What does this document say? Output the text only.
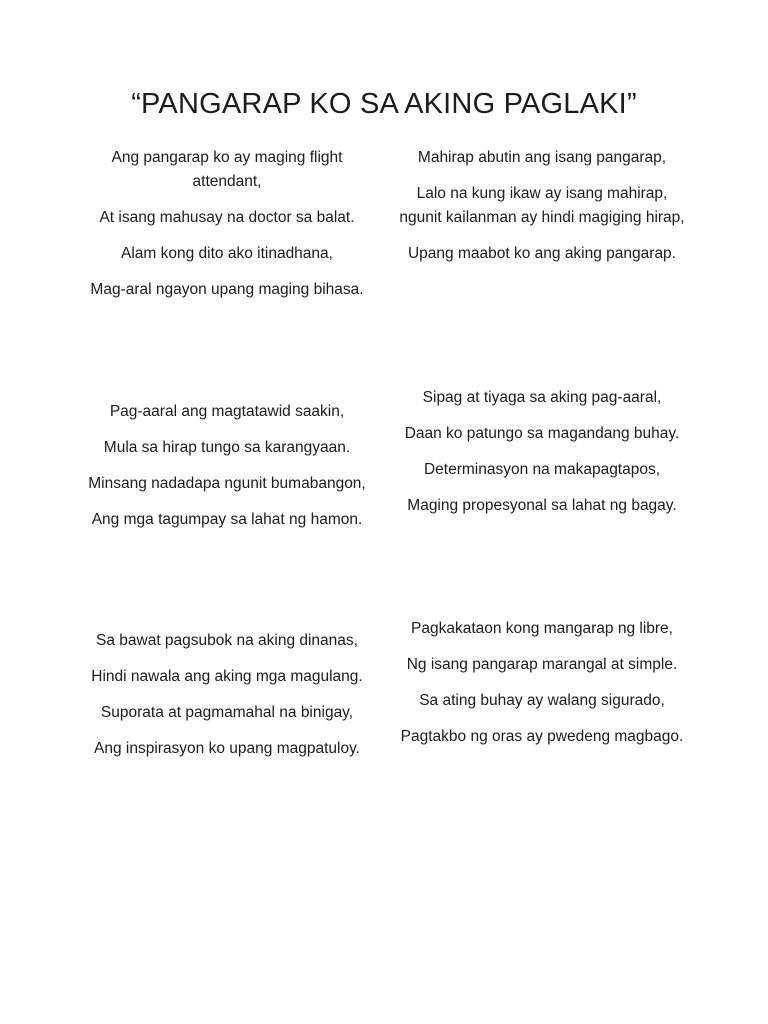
“PANGARAP KO SA AKING PAGLAKI”

Ang pangarap ko ay maging flight attendant,

At isang mahusay na doctor sa balat.

Alam kong dito ako itinadhana,

Mag-aral ngayon upang maging bihasa.

Pag-aaral ang magtatawid saakin,

Mula sa hirap tungo sa karangyaan.

Minsang nadadapa ngunit bumabangon,

Ang mga tagumpay sa lahat ng hamon.

Sa bawat pagsubok na aking dinanas,

Hindi nawala ang aking mga magulang.

Suporata at pagmamahal na binigay,

Ang inspirasyon ko upang magpatuloy.

Mahirap abutin ang isang pangarap,

Lalo na kung ikaw ay isang mahirap, ngunit kailanman ay hindi magiging hirap,

Upang maabot ko ang aking pangarap.

Sipag at tiyaga sa aking pag-aaral,

Daan ko patungo sa magandang buhay.

Determinasyon na makapagtapos,

Maging propesyonal sa lahat ng bagay.

Pagkakataon kong mangarap ng libre,

Ng isang pangarap marangal at simple.

Sa ating buhay ay walang sigurado,

Pagtakbo ng oras ay pwedeng magbago.
